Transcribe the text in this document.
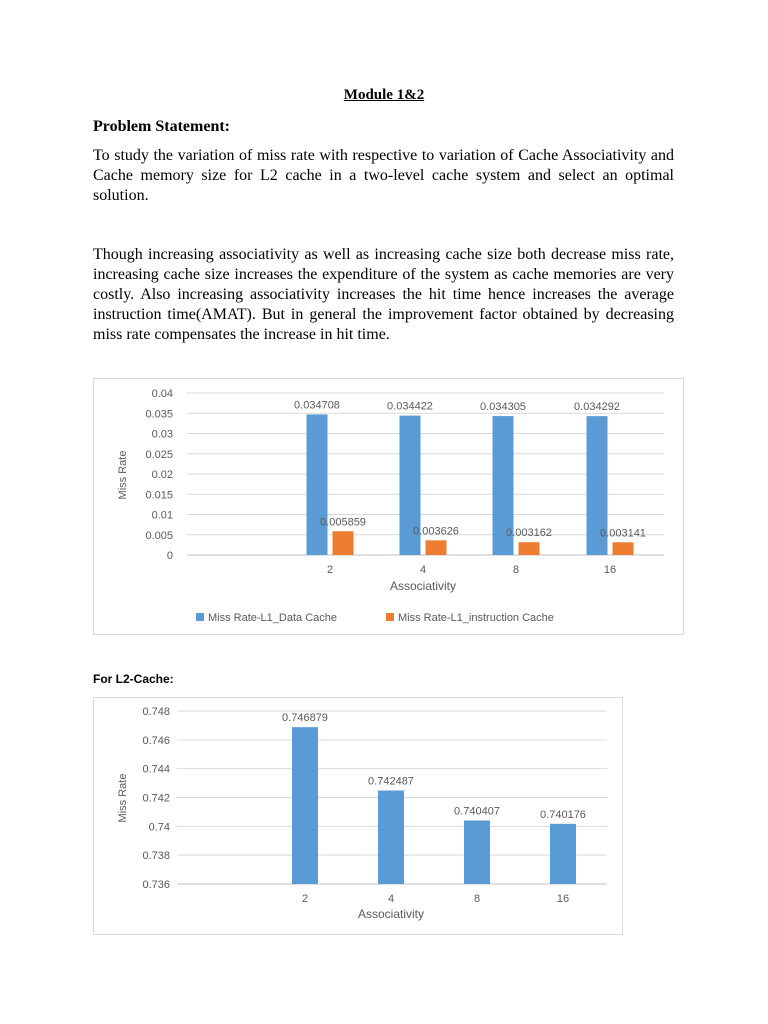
Module 1&2
Problem Statement:

To study the variation of miss rate with respective to variation of Cache Associativity and Cache memory size for L2 cache in a two-level cache system and select an optimal solution.

Though increasing associativity as well as increasing cache size both decrease miss rate, increasing cache size increases the expenditure of the system as cache memories are very costly. Also increasing associativity increases the hit time hence increases the average instruction time(AMAT). But in general the improvement factor obtained by decreasing miss rate compensates the increase in hit time.

0
0.005
0.01
0.015
0.02
0.025
0.03
0.035
0.04
Miss Rate
0.034708
0.005859
2
0.034422
0.003626
4
0.034305
0.003162
8
0.034292
0.003141
16
Associativity
Miss Rate-L1_Data Cache	Miss Rate-L1_instruction Cache
For L2-Cache:
0.736
0.738
0.74
0.742
0.744
0.746
0.748
Miss Rate
0.746879
2
0.742487
4
0.740407
8
0.740176
16
Associativity
